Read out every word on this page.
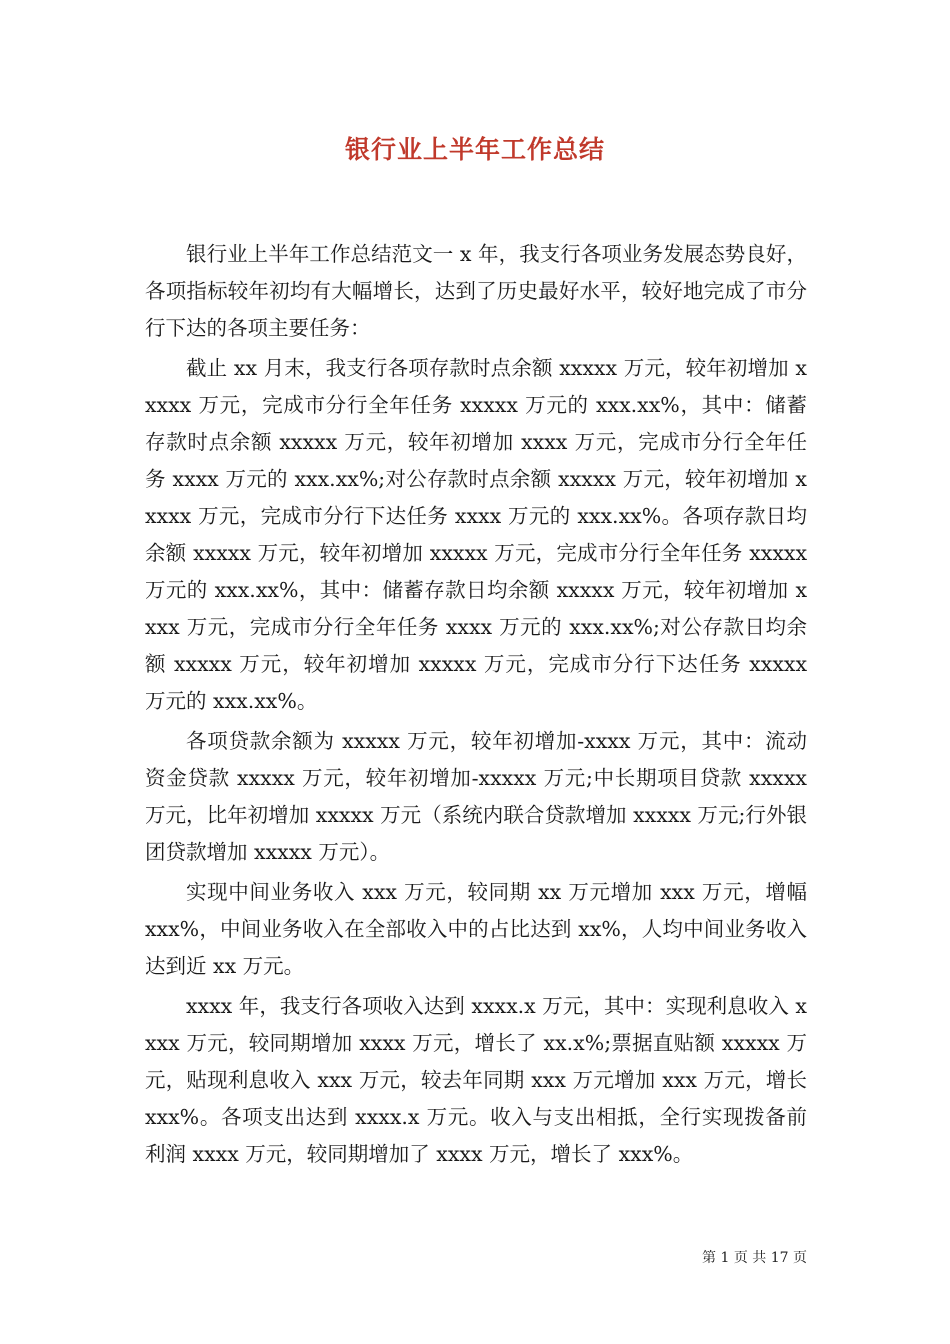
银行业上半年工作总结

银行业上半年工作总结范文一 x 年，我支行各项业务发展态势良好，各项指标较年初均有大幅增长，达到了历史最好水平，较好地完成了市分行下达的各项主要任务：

截止 xx 月末，我支行各项存款时点余额 xxxxx 万元，较年初增加 xxxxx 万元，完成市分行全年任务 xxxxx 万元的 xxx.xx%，其中：储蓄存款时点余额 xxxxx 万元，较年初增加 xxxx 万元，完成市分行全年任务 xxxx 万元的 xxx.xx%;对公存款时点余额 xxxxx 万元，较年初增加 xxxxx 万元，完成市分行下达任务 xxxx 万元的 xxx.xx%。各项存款日均余额 xxxxx 万元，较年初增加 xxxxx 万元，完成市分行全年任务 xxxxx 万元的 xxx.xx%，其中：储蓄存款日均余额 xxxxx 万元，较年初增加 xxxx 万元，完成市分行全年任务 xxxx 万元的 xxx.xx%;对公存款日均余额 xxxxx 万元，较年初增加 xxxxx 万元，完成市分行下达任务 xxxxx 万元的 xxx.xx%。

各项贷款余额为 xxxxx 万元，较年初增加-xxxx 万元，其中：流动资金贷款 xxxxx 万元，较年初增加-xxxxx 万元;中长期项目贷款 xxxxx 万元，比年初增加 xxxxx 万元（系统内联合贷款增加 xxxxx 万元;行外银团贷款增加 xxxxx 万元）。

实现中间业务收入 xxx 万元，较同期 xx 万元增加 xxx 万元，增幅 xxx%，中间业务收入在全部收入中的占比达到 xx%，人均中间业务收入达到近 xx 万元。

xxxx 年，我支行各项收入达到 xxxx.x 万元，其中：实现利息收入 xxxx 万元，较同期增加 xxxx 万元，增长了 xx.x%;票据直贴额 xxxxx 万元，贴现利息收入 xxx 万元，较去年同期 xxx 万元增加 xxx 万元，增长 xxx%。各项支出达到 xxxx.x 万元。收入与支出相抵，全行实现拨备前利润 xxxx 万元，较同期增加了 xxxx 万元，增长了 xxx%。

第 1 页 共 17 页
